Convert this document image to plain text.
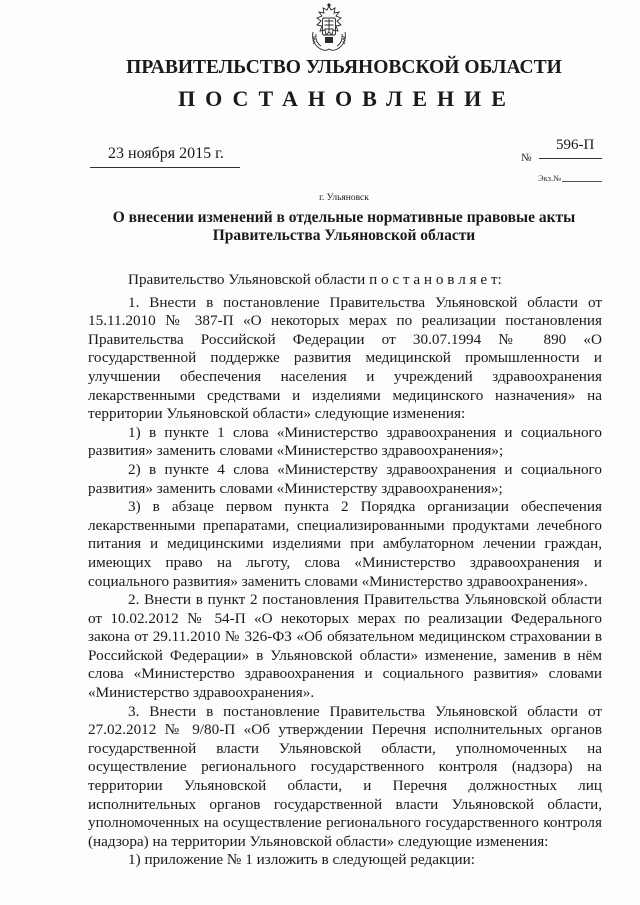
ПРАВИТЕЛЬСТВО УЛЬЯНОВСКОЙ ОБЛАСТИ
ПОСТАНОВЛЕНИЕ
23 ноября 2015 г.	№
596-П
Экз.№
г. Ульяновск
О внесении изменений в отдельные нормативные правовые акты
Правительства Ульяновской области

Правительство Ульяновской области п о с т а н о в л я е т:

1. Внести в постановление Правительства Ульяновской области от 15.11.2010 № 387-П «О некоторых мерах по реализации постановления Правительства Российской Федерации от 30.07.1994 № 890 «О государственной поддержке развития медицинской промышленности и улучшении обеспечения населения и учреждений здравоохранения лекарственными средствами и изделиями медицинского назначения» на территории Ульяновской области» следующие изменения:

1) в пункте 1 слова «Министерство здравоохранения и социального развития» заменить словами «Министерство здравоохранения»;

2) в пункте 4 слова «Министерству здравоохранения и социального развития» заменить словами «Министерству здравоохранения»;

3) в абзаце первом пункта 2 Порядка организации обеспечения лекарственными препаратами, специализированными продуктами лечебного питания и медицинскими изделиями при амбулаторном лечении граждан, имеющих право на льготу, слова «Министерство здравоохранения и социального развития» заменить словами «Министерство здравоохранения».

2. Внести в пункт 2 постановления Правительства Ульяновской области от 10.02.2012 № 54-П «О некоторых мерах по реализации Федерального закона от 29.11.2010 № 326-ФЗ «Об обязательном медицинском страховании в Российской Федерации» в Ульяновской области» изменение, заменив в нём слова «Министерство здравоохранения и социального развития» словами «Министерство здравоохранения».

3. Внести в постановление Правительства Ульяновской области от 27.02.2012 № 9/80-П «Об утверждении Перечня исполнительных органов государственной власти Ульяновской области, уполномоченных на осуществление регионального государственного контроля (надзора) на территории Ульяновской области, и Перечня должностных лиц исполнительных органов государственной власти Ульяновской области, уполномоченных на осуществление регионального государственного контроля (надзора) на территории Ульяновской области» следующие изменения:

1) приложение № 1 изложить в следующей редакции:
